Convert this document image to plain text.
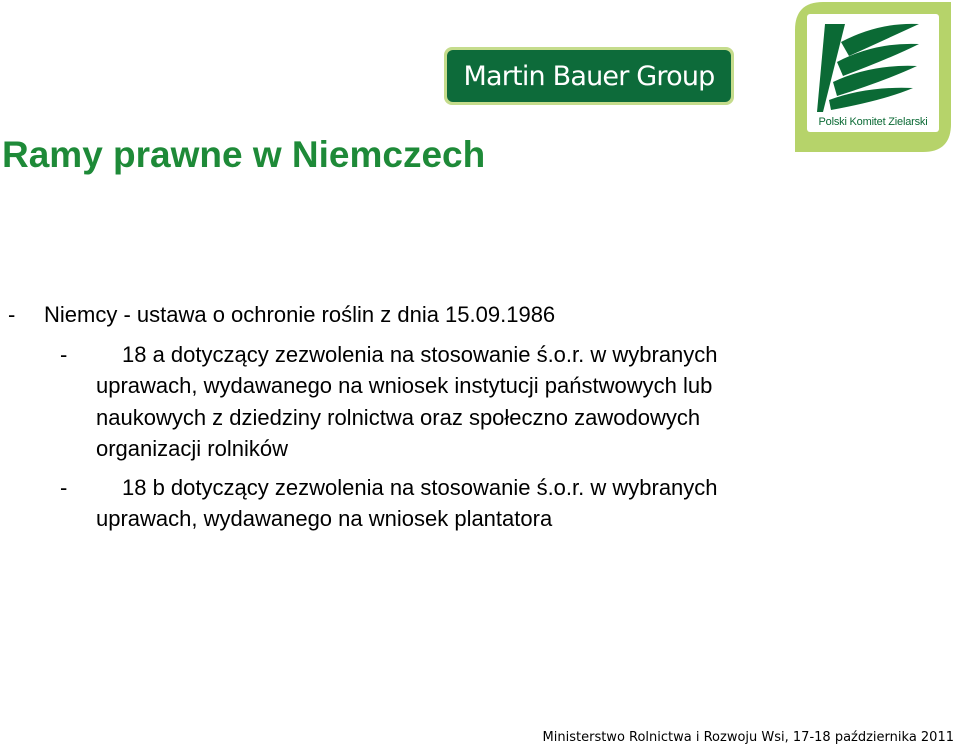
Martin Bauer Group
Polski Komitet Zielarski
Ramy prawne w Niemczech
- Niemcy - ustawa o ochronie roślin z dnia 15.09.1986
- 18 a dotyczący zezwolenia na stosowanie ś.o.r. w wybranych
uprawach, wydawanego na wniosek instytucji państwowych lub
naukowych z dziedziny rolnictwa oraz społeczno zawodowych
organizacji rolników
- 18 b dotyczący zezwolenia na stosowanie ś.o.r. w wybranych
uprawach, wydawanego na wniosek plantatora
Ministerstwo Rolnictwa i Rozwoju Wsi, 17-18 października 2011
